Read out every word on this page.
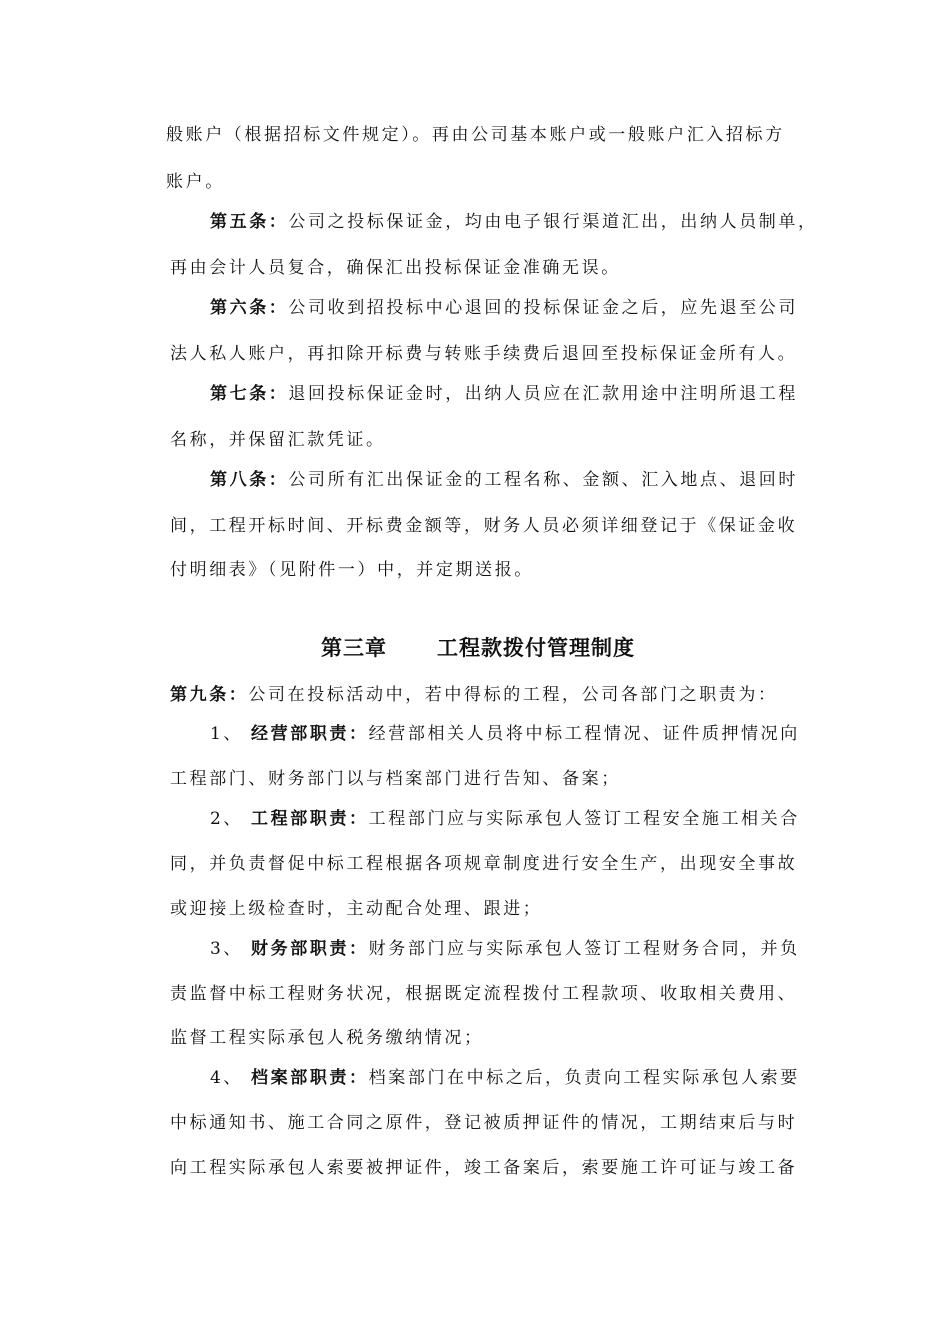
般账户（根据招标文件规定）。再由公司基本账户或一般账户汇入招标方
账户。
第五条：公司之投标保证金，均由电子银行渠道汇出，出纳人员制单，
再由会计人员复合，确保汇出投标保证金准确无误。
第六条：公司收到招投标中心退回的投标保证金之后，应先退至公司
法人私人账户，再扣除开标费与转账手续费后退回至投标保证金所有人。
第七条：退回投标保证金时，出纳人员应在汇款用途中注明所退工程
名称，并保留汇款凭证。
第八条：公司所有汇出保证金的工程名称、金额、汇入地点、退回时
间，工程开标时间、开标费金额等，财务人员必须详细登记于《保证金收
付明细表》（见附件一）中，并定期送报。
第三章 工程款拨付管理制度
第九条：公司在投标活动中，若中得标的工程，公司各部门之职责为：
1、 经营部职责：经营部相关人员将中标工程情况、证件质押情况向
工程部门、财务部门以与档案部门进行告知、备案；
2、 工程部职责：工程部门应与实际承包人签订工程安全施工相关合
同，并负责督促中标工程根据各项规章制度进行安全生产，出现安全事故
或迎接上级检查时，主动配合处理、跟进；
3、 财务部职责：财务部门应与实际承包人签订工程财务合同，并负
责监督中标工程财务状况，根据既定流程拨付工程款项、收取相关费用、
监督工程实际承包人税务缴纳情况；
4、 档案部职责：档案部门在中标之后，负责向工程实际承包人索要
中标通知书、施工合同之原件，登记被质押证件的情况，工期结束后与时
向工程实际承包人索要被押证件，竣工备案后，索要施工许可证与竣工备
